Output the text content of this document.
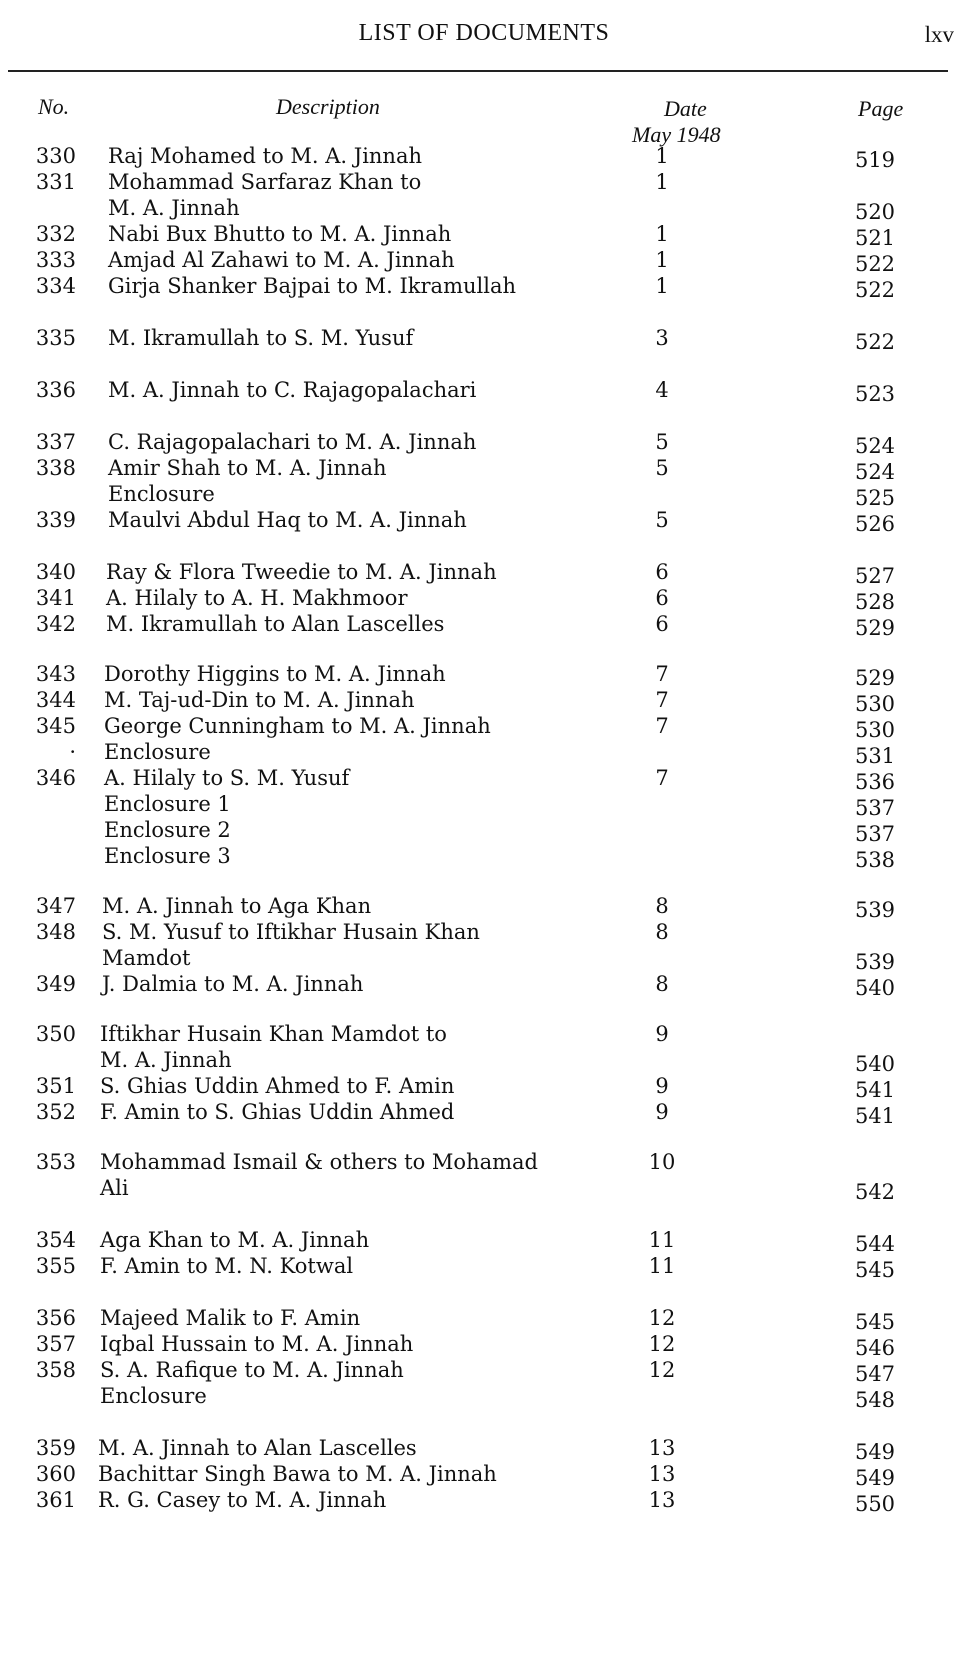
LIST OF DOCUMENTS	lxv
No.	Description	Date	Page
May 1948
330 Raj Mohamed to M. A. Jinnah	1	519
331 Mohammad Sarfaraz Khan to	1
M. A. Jinnah	520
332 Nabi Bux Bhutto to M. A. Jinnah	1	521
333 Amjad Al Zahawi to M. A. Jinnah	1	522
334 Girja Shanker Bajpai to M. Ikramullah	1	522
335 M. Ikramullah to S. M. Yusuf	3	522
336 M. A. Jinnah to C. Rajagopalachari	4	523
337 C. Rajagopalachari to M. A. Jinnah	5	524
338 Amir Shah to M. A. Jinnah	5	524
Enclosure	525
339 Maulvi Abdul Haq to M. A. Jinnah	5	526
340 Ray & Flora Tweedie to M. A. Jinnah	6	527
341 A. Hilaly to A. H. Makhmoor	6	528
342 M. Ikramullah to Alan Lascelles	6	529
343 Dorothy Higgins to M. A. Jinnah	7	529
344 M. Taj-ud-Din to M. A. Jinnah	7	530
345 George Cunningham to M. A. Jinnah	7	530
· Enclosure	531
346 A. Hilaly to S. M. Yusuf	7	536
Enclosure 1	537
Enclosure 2	537
Enclosure 3	538
347 M. A. Jinnah to Aga Khan	8	539
348 S. M. Yusuf to Iftikhar Husain Khan	8
Mamdot	539
349 J. Dalmia to M. A. Jinnah	8	540
350 Iftikhar Husain Khan Mamdot to	9
M. A. Jinnah	540
351 S. Ghias Uddin Ahmed to F. Amin	9	541
352 F. Amin to S. Ghias Uddin Ahmed	9	541
353 Mohammad Ismail & others to Mohamad	10
Ali	542
354 Aga Khan to M. A. Jinnah	11	544
355 F. Amin to M. N. Kotwal	11	545
356 Majeed Malik to F. Amin	12	545
357 Iqbal Hussain to M. A. Jinnah	12	546
358 S. A. Rafique to M. A. Jinnah	12	547
Enclosure	548
359 M. A. Jinnah to Alan Lascelles	13	549
360 Bachittar Singh Bawa to M. A. Jinnah	13	549
361 R. G. Casey to M. A. Jinnah	13	550
